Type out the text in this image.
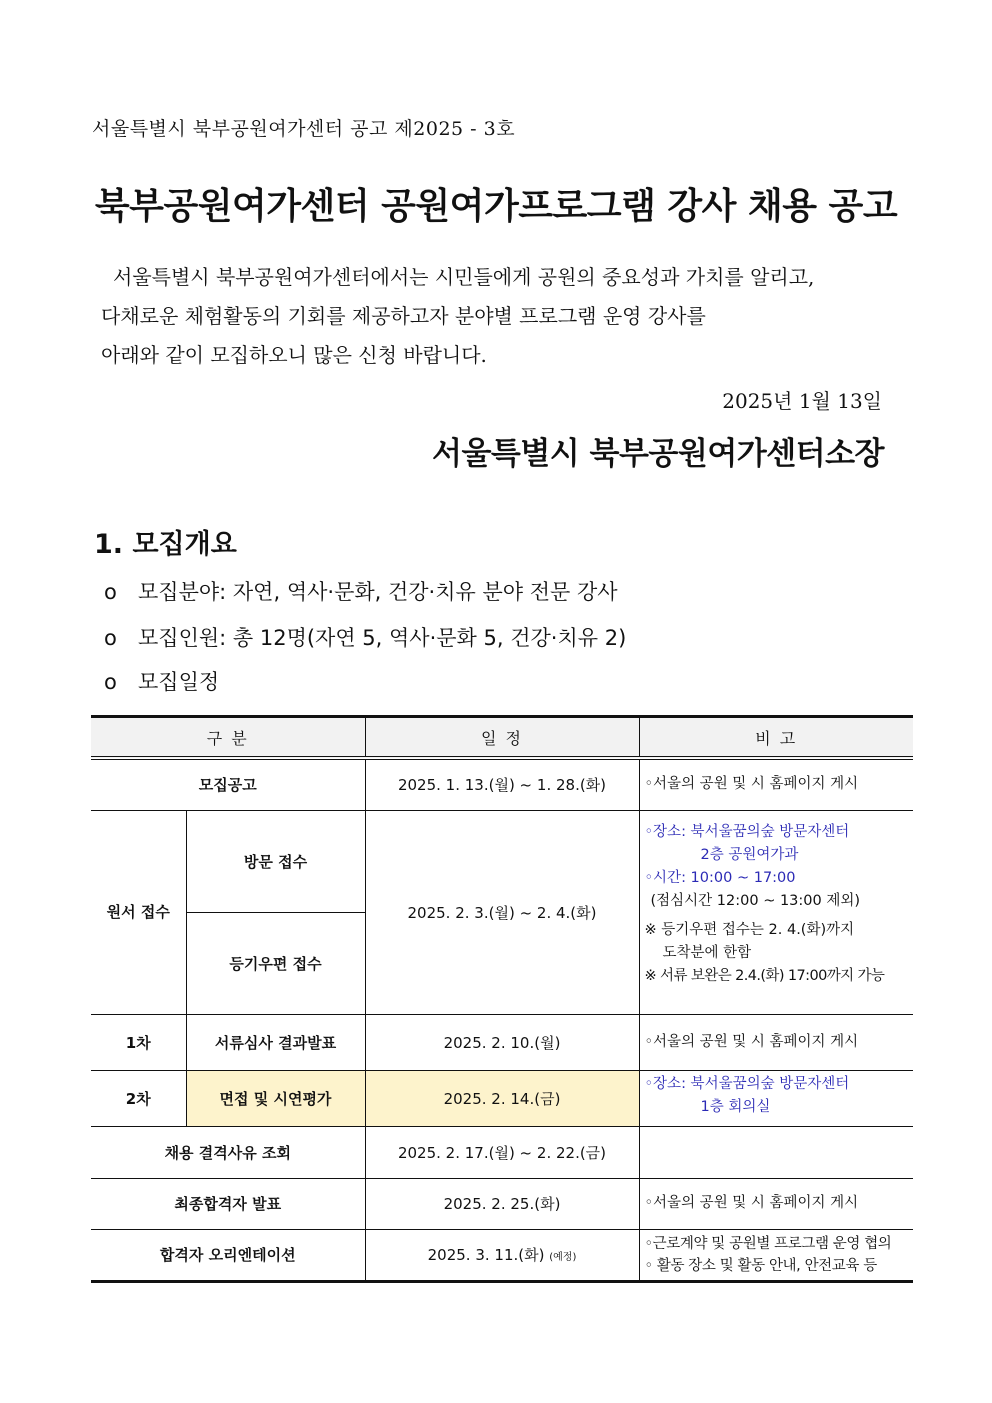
서울특별시 북부공원여가센터 공고 제2025 - 3호
북부공원여가센터 공원여가프로그램 강사 채용 공고
서울특별시 북부공원여가센터에서는 시민들에게 공원의 중요성과 가치를 알리고,
다채로운 체험활동의 기회를 제공하고자 분야별 프로그램 운영 강사를
아래와 같이 모집하오니 많은 신청 바랍니다.
2025년 1월 13일
서울특별시 북부공원여가센터소장
1. 모집개요
o 모집분야: 자연, 역사·문화, 건강·치유 분야 전문 강사
o 모집인원: 총 12명(자연 5, 역사·문화 5, 건강·치유 2)
o 모집일정
구 분		일 정	비 고
모집공고		2025. 1. 13.(월) ~ 1. 28.(화)	◦서울의 공원 및 시 홈페이지 게시
원서 접수	방문 접수	2025. 2. 3.(월) ~ 2. 4.(화)	
◦장소: 북서울꿈의숲 방문자센터
2층 공원여가과
◦시간: 10:00 ~ 17:00
(점심시간 12:00 ~ 13:00 제외)
※ 등기우편 접수는 2. 4.(화)까지
도착분에 한함
※ 서류 보완은 2.4.(화) 17:00까지 가능

	등기우편 접수		
1차	서류심사 결과발표	2025. 2. 10.(월)	◦서울의 공원 및 시 홈페이지 게시
2차	면접 및 시연평가	2025. 2. 14.(금)	◦장소: 북서울꿈의숲 방문자센터
1층 회의실

채용 결격사유 조회		2025. 2. 17.(월) ~ 2. 22.(금)	
최종합격자 발표		2025. 2. 25.(화)	◦서울의 공원 및 시 홈페이지 게시
합격자 오리엔테이션		2025. 3. 11.(화) (예정)	◦근로계약 및 공원별 프로그램 운영 협의
◦ 활동 장소 및 활동 안내, 안전교육 등
